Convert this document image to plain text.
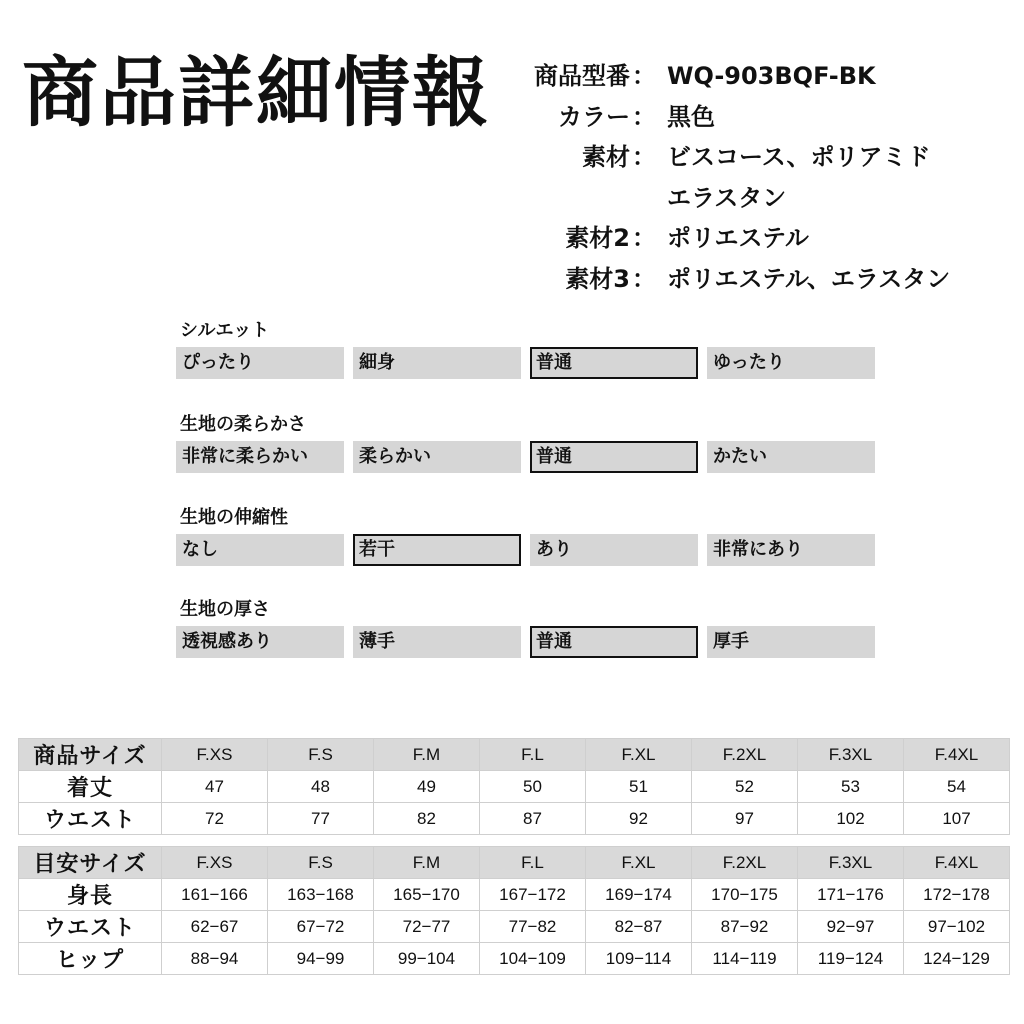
商品詳細情報 商品型番 ： WQ-903BQF-BK
カラー ： 黒色
素材 ： ビスコース、ポリアミド
エラスタン
素材2 ： ポリエステル
素材3 ： ポリエステル、エラスタン
シルエット
ぴったり	細身	普通	ゆったり
生地の柔らかさ
非常に柔らかい	柔らかい	普通	かたい
生地の伸縮性
なし	若干	あり	非常にあり
生地の厚さ
透視感あり	薄手	普通	厚手
商品サイズ	F.XS	F.S	F.M	F.L	F.XL	F.2XL	F.3XL	F.4XL
着丈	47	48	49	50	51	52	53	54
ウエスト	72	77	82	87	92	97	102	107
目安サイズ	F.XS	F.S	F.M	F.L	F.XL	F.2XL	F.3XL	F.4XL
身長	161−166	163−168	165−170	167−172	169−174	170−175	171−176	172−178
ウエスト	62−67	67−72	72−77	77−82	82−87	87−92	92−97	97−102
ヒップ	88−94	94−99	99−104	104−109	109−114	114−119	119−124	124−129
